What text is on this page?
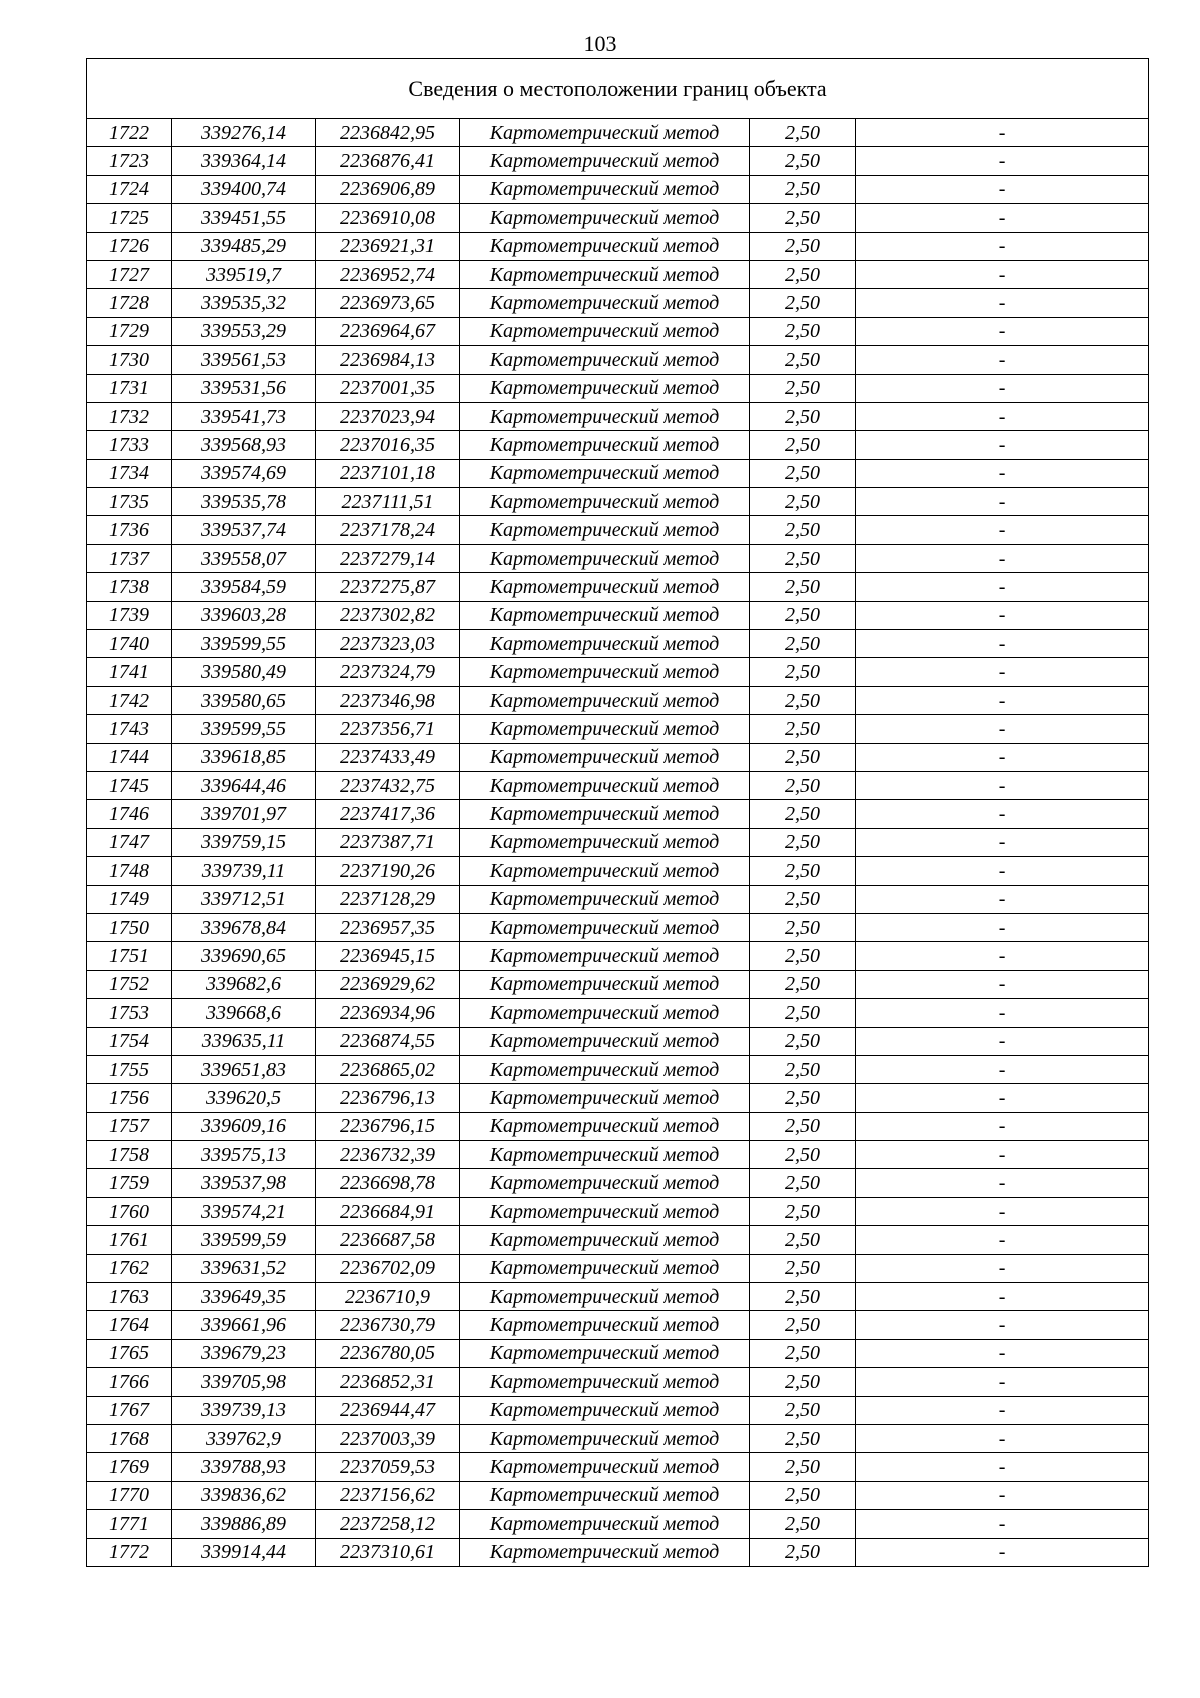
103
Сведения о местоположении границ объекта					
1722	339276,14	2236842,95	Картометрический метод	2,50	-
1723	339364,14	2236876,41	Картометрический метод	2,50	-
1724	339400,74	2236906,89	Картометрический метод	2,50	-
1725	339451,55	2236910,08	Картометрический метод	2,50	-
1726	339485,29	2236921,31	Картометрический метод	2,50	-
1727	339519,7	2236952,74	Картометрический метод	2,50	-
1728	339535,32	2236973,65	Картометрический метод	2,50	-
1729	339553,29	2236964,67	Картометрический метод	2,50	-
1730	339561,53	2236984,13	Картометрический метод	2,50	-
1731	339531,56	2237001,35	Картометрический метод	2,50	-
1732	339541,73	2237023,94	Картометрический метод	2,50	-
1733	339568,93	2237016,35	Картометрический метод	2,50	-
1734	339574,69	2237101,18	Картометрический метод	2,50	-
1735	339535,78	2237111,51	Картометрический метод	2,50	-
1736	339537,74	2237178,24	Картометрический метод	2,50	-
1737	339558,07	2237279,14	Картометрический метод	2,50	-
1738	339584,59	2237275,87	Картометрический метод	2,50	-
1739	339603,28	2237302,82	Картометрический метод	2,50	-
1740	339599,55	2237323,03	Картометрический метод	2,50	-
1741	339580,49	2237324,79	Картометрический метод	2,50	-
1742	339580,65	2237346,98	Картометрический метод	2,50	-
1743	339599,55	2237356,71	Картометрический метод	2,50	-
1744	339618,85	2237433,49	Картометрический метод	2,50	-
1745	339644,46	2237432,75	Картометрический метод	2,50	-
1746	339701,97	2237417,36	Картометрический метод	2,50	-
1747	339759,15	2237387,71	Картометрический метод	2,50	-
1748	339739,11	2237190,26	Картометрический метод	2,50	-
1749	339712,51	2237128,29	Картометрический метод	2,50	-
1750	339678,84	2236957,35	Картометрический метод	2,50	-
1751	339690,65	2236945,15	Картометрический метод	2,50	-
1752	339682,6	2236929,62	Картометрический метод	2,50	-
1753	339668,6	2236934,96	Картометрический метод	2,50	-
1754	339635,11	2236874,55	Картометрический метод	2,50	-
1755	339651,83	2236865,02	Картометрический метод	2,50	-
1756	339620,5	2236796,13	Картометрический метод	2,50	-
1757	339609,16	2236796,15	Картометрический метод	2,50	-
1758	339575,13	2236732,39	Картометрический метод	2,50	-
1759	339537,98	2236698,78	Картометрический метод	2,50	-
1760	339574,21	2236684,91	Картометрический метод	2,50	-
1761	339599,59	2236687,58	Картометрический метод	2,50	-
1762	339631,52	2236702,09	Картометрический метод	2,50	-
1763	339649,35	2236710,9	Картометрический метод	2,50	-
1764	339661,96	2236730,79	Картометрический метод	2,50	-
1765	339679,23	2236780,05	Картометрический метод	2,50	-
1766	339705,98	2236852,31	Картометрический метод	2,50	-
1767	339739,13	2236944,47	Картометрический метод	2,50	-
1768	339762,9	2237003,39	Картометрический метод	2,50	-
1769	339788,93	2237059,53	Картометрический метод	2,50	-
1770	339836,62	2237156,62	Картометрический метод	2,50	-
1771	339886,89	2237258,12	Картометрический метод	2,50	-
1772	339914,44	2237310,61	Картометрический метод	2,50	-
